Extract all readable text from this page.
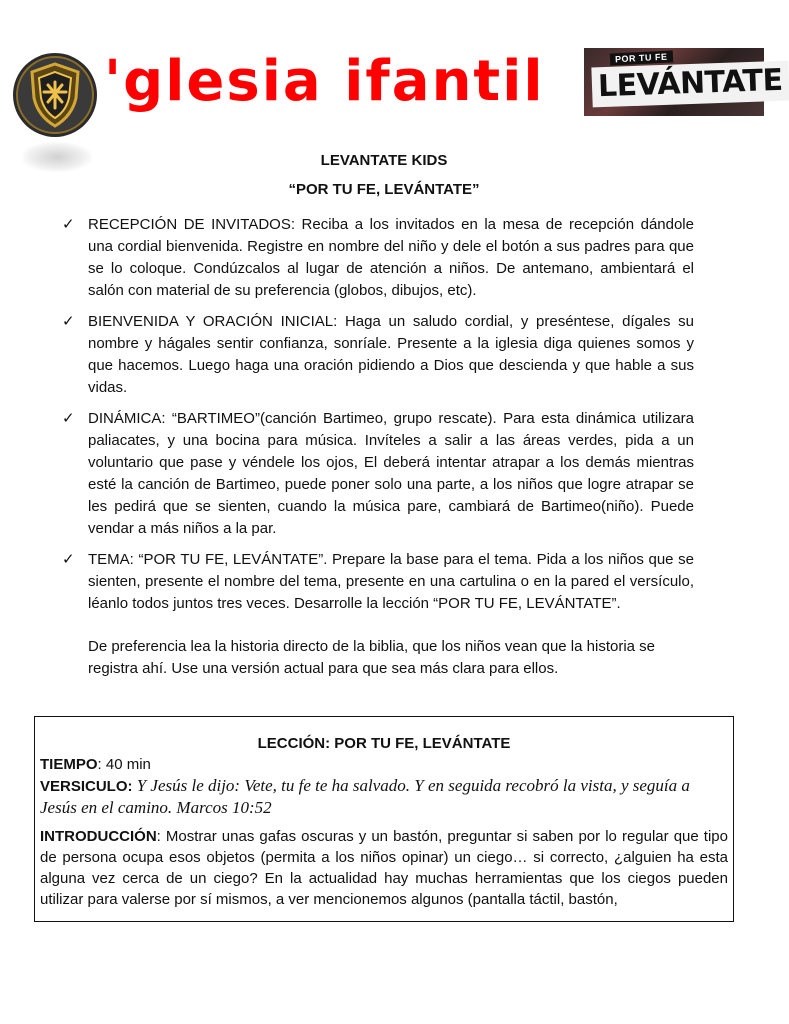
'glesia ifantil	POR TU FE
LEVÁNTATE
LEVANTATE KIDS
“POR TU FE, LEVÁNTATE”
✓ RECEPCIÓN DE INVITADOS: Reciba a los invitados en la mesa de recepción dándole una cordial bienvenida. Registre en nombre del niño y dele el botón a sus padres para que se lo coloque. Condúzcalos al lugar de atención a niños. De antemano, ambientará el salón con material de su preferencia (globos, dibujos, etc).
✓ BIENVENIDA Y ORACIÓN INICIAL: Haga un saludo cordial, y preséntese, dígales su nombre y hágales sentir confianza, sonríale. Presente a la iglesia diga quienes somos y que hacemos. Luego haga una oración pidiendo a Dios que descienda y que hable a sus vidas.
✓ DINÁMICA: “BARTIMEO”(canción Bartimeo, grupo rescate). Para esta dinámica utilizara paliacates, y una bocina para música. Invíteles a salir a las áreas verdes, pida a un voluntario que pase y véndele los ojos, El deberá intentar atrapar a los demás mientras esté la canción de Bartimeo, puede poner solo una parte, a los niños que logre atrapar se les pedirá que se sienten, cuando la música pare, cambiará de Bartimeo(niño). Puede vendar a más niños a la par.
✓ TEMA: “POR TU FE, LEVÁNTATE”. Prepare la base para el tema. Pida a los niños que se sienten, presente el nombre del tema, presente en una cartulina o en la pared el versículo, léanlo todos juntos tres veces. Desarrolle la lección “POR TU FE, LEVÁNTATE”.
De preferencia lea la historia directo de la biblia, que los niños vean que la historia se registra ahí. Use una versión actual para que sea más clara para ellos.
LECCIÓN: POR TU FE, LEVÁNTATE
TIEMPO: 40 min
VERSICULO: Y Jesús le dijo: Vete, tu fe te ha salvado. Y en seguida recobró la vista, y seguía a Jesús en el camino. Marcos 10:52
INTRODUCCIÓN: Mostrar unas gafas oscuras y un bastón, preguntar si saben por lo regular que tipo de persona ocupa esos objetos (permita a los niños opinar) un ciego… si correcto, ¿alguien ha esta alguna vez cerca de un ciego? En la actualidad hay muchas herramientas que los ciegos pueden utilizar para valerse por sí mismos, a ver mencionemos algunos (pantalla táctil, bastón,
